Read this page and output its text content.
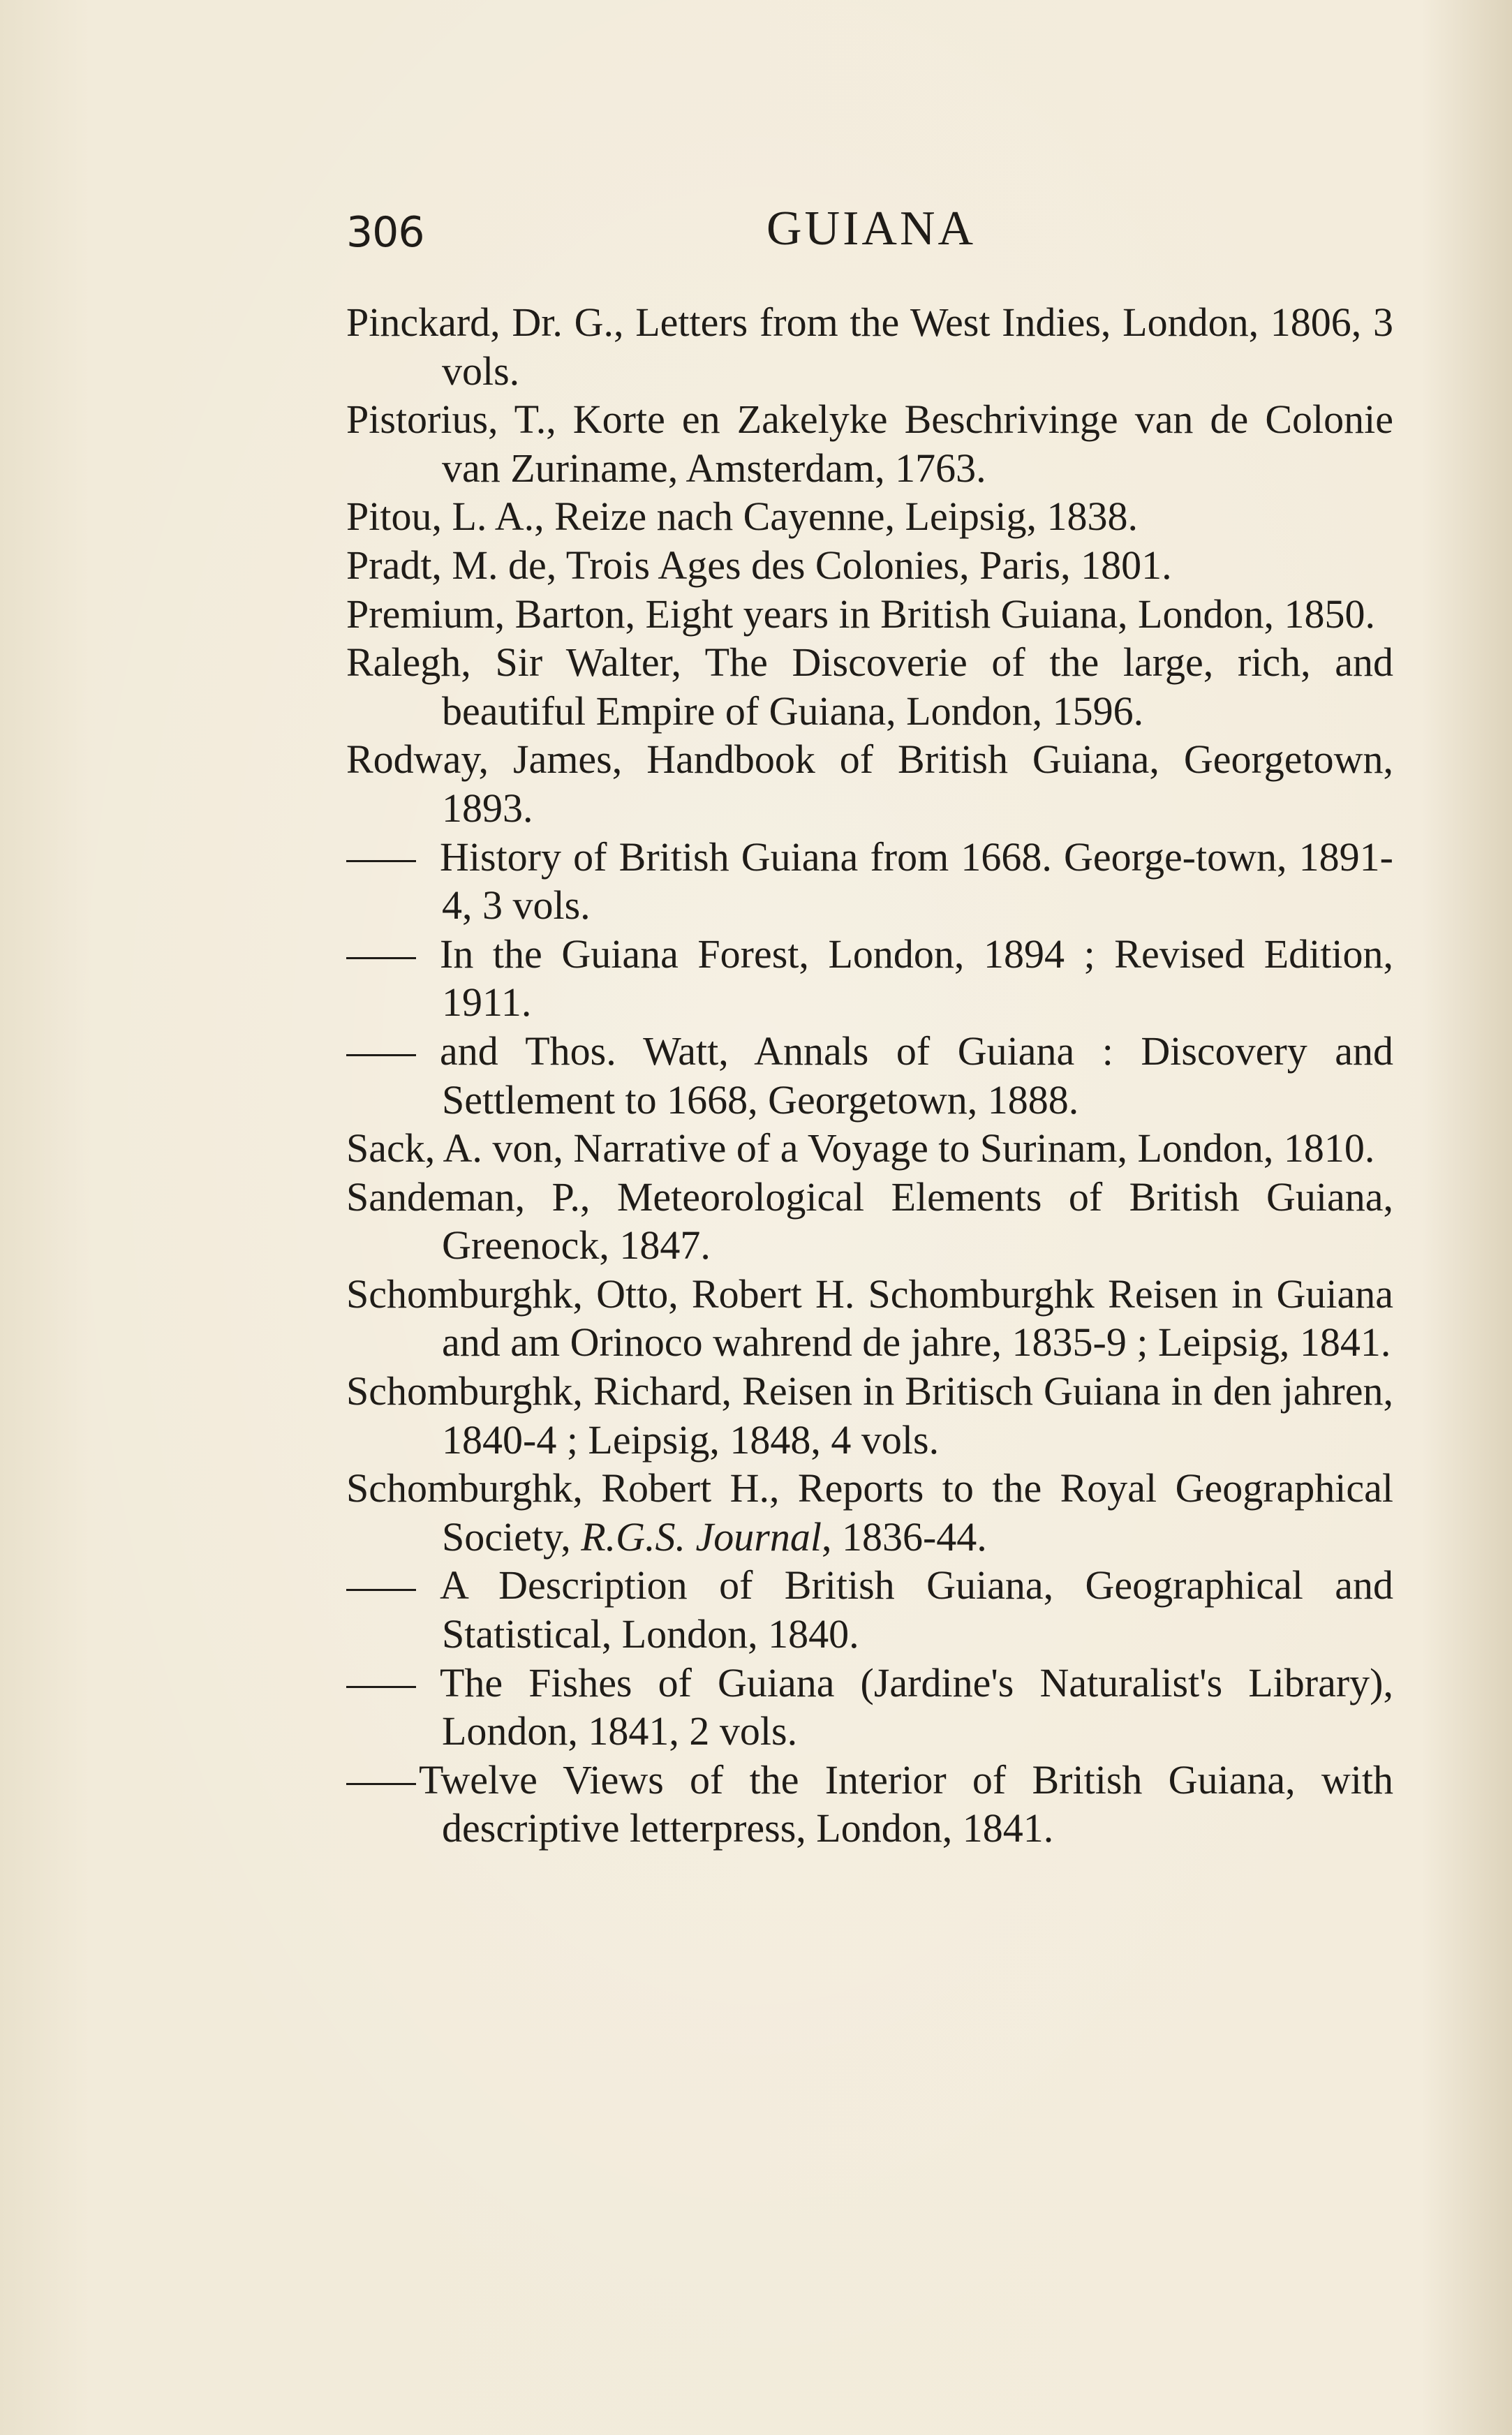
306	GUIANA

Pinckard, Dr. G., Letters from the West Indies, London, 1806, 3 vols.

Pistorius, T., Korte en Zakelyke Beschrivinge van de Colonie van Zuriname, Amsterdam, 1763.

Pitou, L. A., Reize nach Cayenne, Leipsig, 1838.

Pradt, M. de, Trois Ages des Colonies, Paris, 1801.

Premium, Barton, Eight years in British Guiana, London, 1850.

Ralegh, Sir Walter, The Discoverie of the large, rich, and beautiful Empire of Guiana, London, 1596.

Rodway, James, Handbook of British Guiana, Georgetown, 1893.

History of British Guiana from 1668. George-town, 1891-4, 3 vols.

In the Guiana Forest, London, 1894 ; Revised Edition, 1911.

and Thos. Watt, Annals of Guiana : Discovery and Settlement to 1668, Georgetown, 1888.

Sack, A. von, Narrative of a Voyage to Surinam, London, 1810.

Sandeman, P., Meteorological Elements of British Guiana, Greenock, 1847.

Schomburghk, Otto, Robert H. Schomburghk Reisen in Guiana and am Orinoco wahrend de jahre, 1835-9 ; Leipsig, 1841.

Schomburghk, Richard, Reisen in Britisch Guiana in den jahren, 1840-4 ; Leipsig, 1848, 4 vols.

Schomburghk, Robert H., Reports to the Royal Geographical Society, R.G.S. Journal, 1836-44.

A Description of British Guiana, Geographical and Statistical, London, 1840.

The Fishes of Guiana (Jardine's Naturalist's Library), London, 1841, 2 vols.

Twelve Views of the Interior of British Guiana, with descriptive letterpress, London, 1841.
